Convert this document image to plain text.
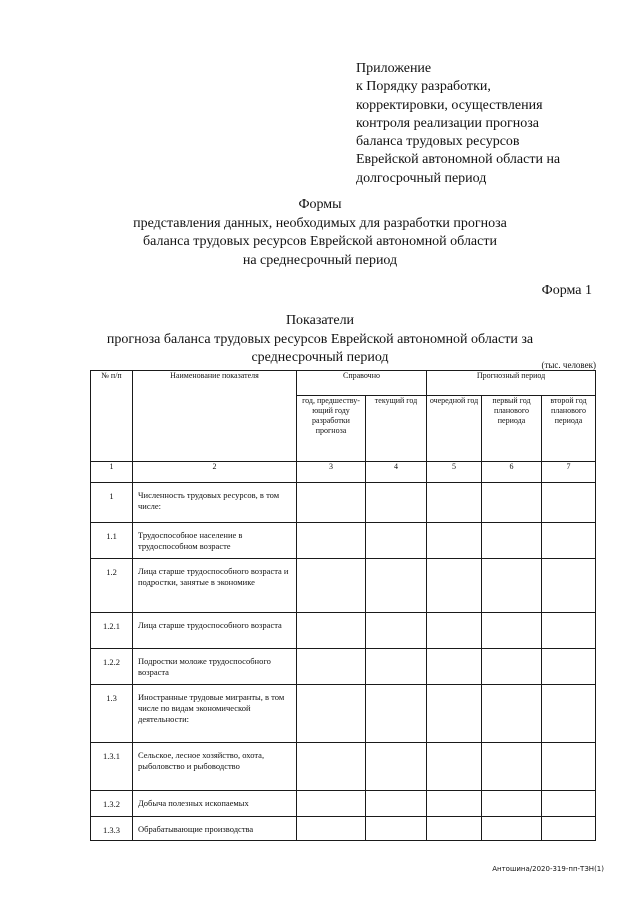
Приложение
к Порядку разработки,
корректировки, осуществления
контроля реализации прогноза
баланса трудовых ресурсов
Еврейской автономной области на
долгосрочный период
Формы
представления данных, необходимых для разработки прогноза
баланса трудовых ресурсов Еврейской автономной области
на среднесрочный период
Форма 1
Показатели
прогноза баланса трудовых ресурсов Еврейской автономной области за
среднесрочный период	(тыс. человек)
№ п/п	Наименование показателя	Справочно		Прогнозный период		
		год, предшеству-ющий году разработки прогноза	текущий год	очередной год	первый год планового периода	второй год планового периода
1	2	3	4	5	6	7
1	Численность трудовых ресурсов, в том числе:					
1.1	Трудоспособное население в трудоспособном возрасте					
1.2	Лица старше трудоспособного возраста и подростки, занятые в экономике					
1.2.1	Лица старше трудоспособного возраста					
1.2.2	Подростки моложе трудоспособного возраста					
1.3	Иностранные трудовые мигранты, в том числе по видам экономической деятельности:					
1.3.1	Сельское, лесное хозяйство, охота, рыболовство и рыбоводство					
1.3.2	Добыча полезных ископаемых					
1.3.3	Обрабатывающие производства					
Антошина/2020-319-пп-ТЗН(1)
